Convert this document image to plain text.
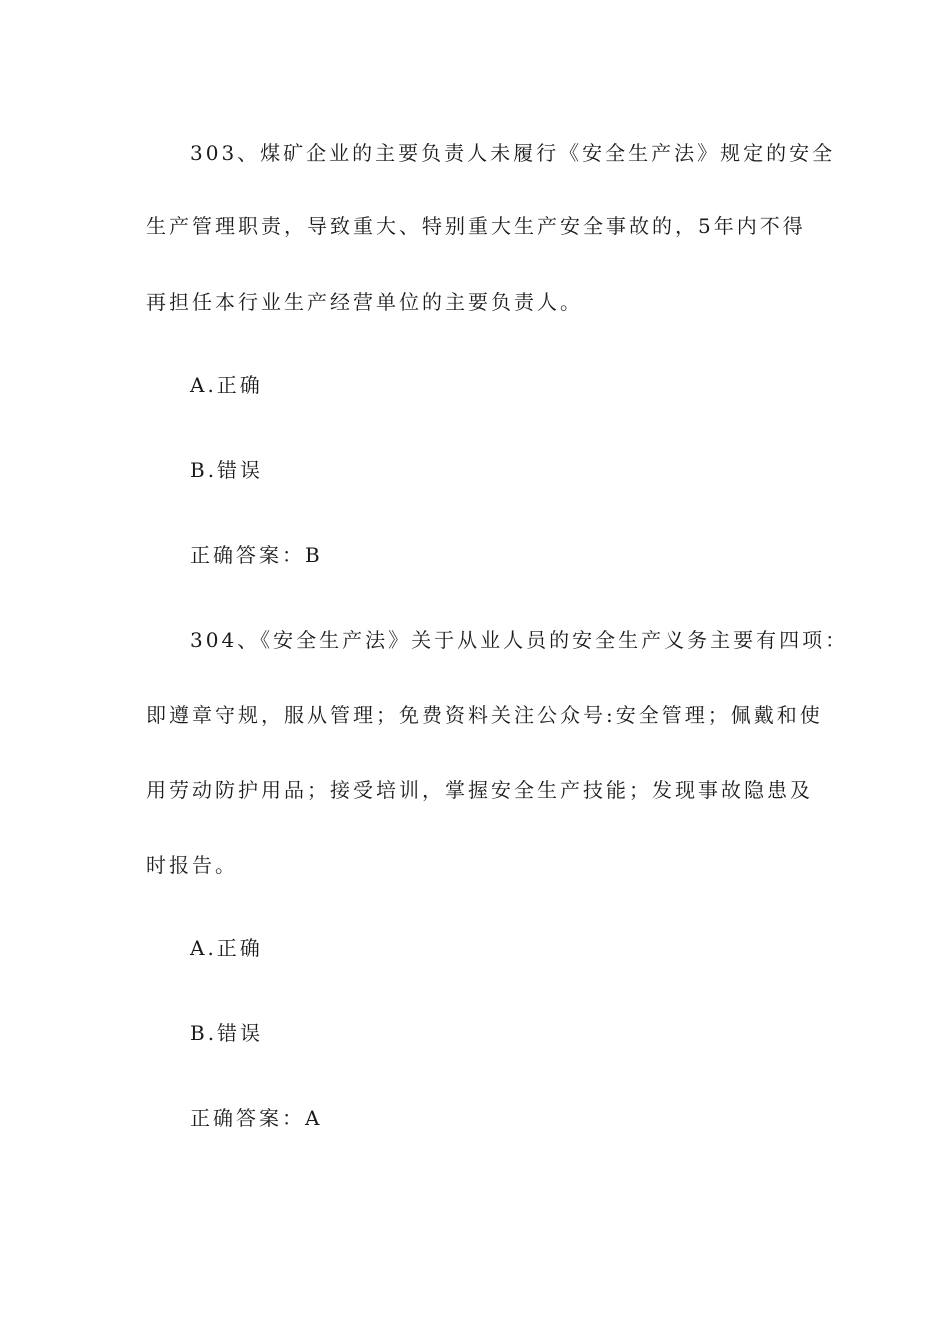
303、煤矿企业的主要负责人未履行《安全生产法》规定的安全
生产管理职责，导致重大、特别重大生产安全事故的，5年内不得
再担任本行业生产经营单位的主要负责人。
A.正确
B.错误
正确答案：B
304、《安全生产法》关于从业人员的安全生产义务主要有四项：
即遵章守规，服从管理；免费资料关注公众号:安全管理；佩戴和使
用劳动防护用品；接受培训，掌握安全生产技能；发现事故隐患及
时报告。
A.正确
B.错误
正确答案：A
